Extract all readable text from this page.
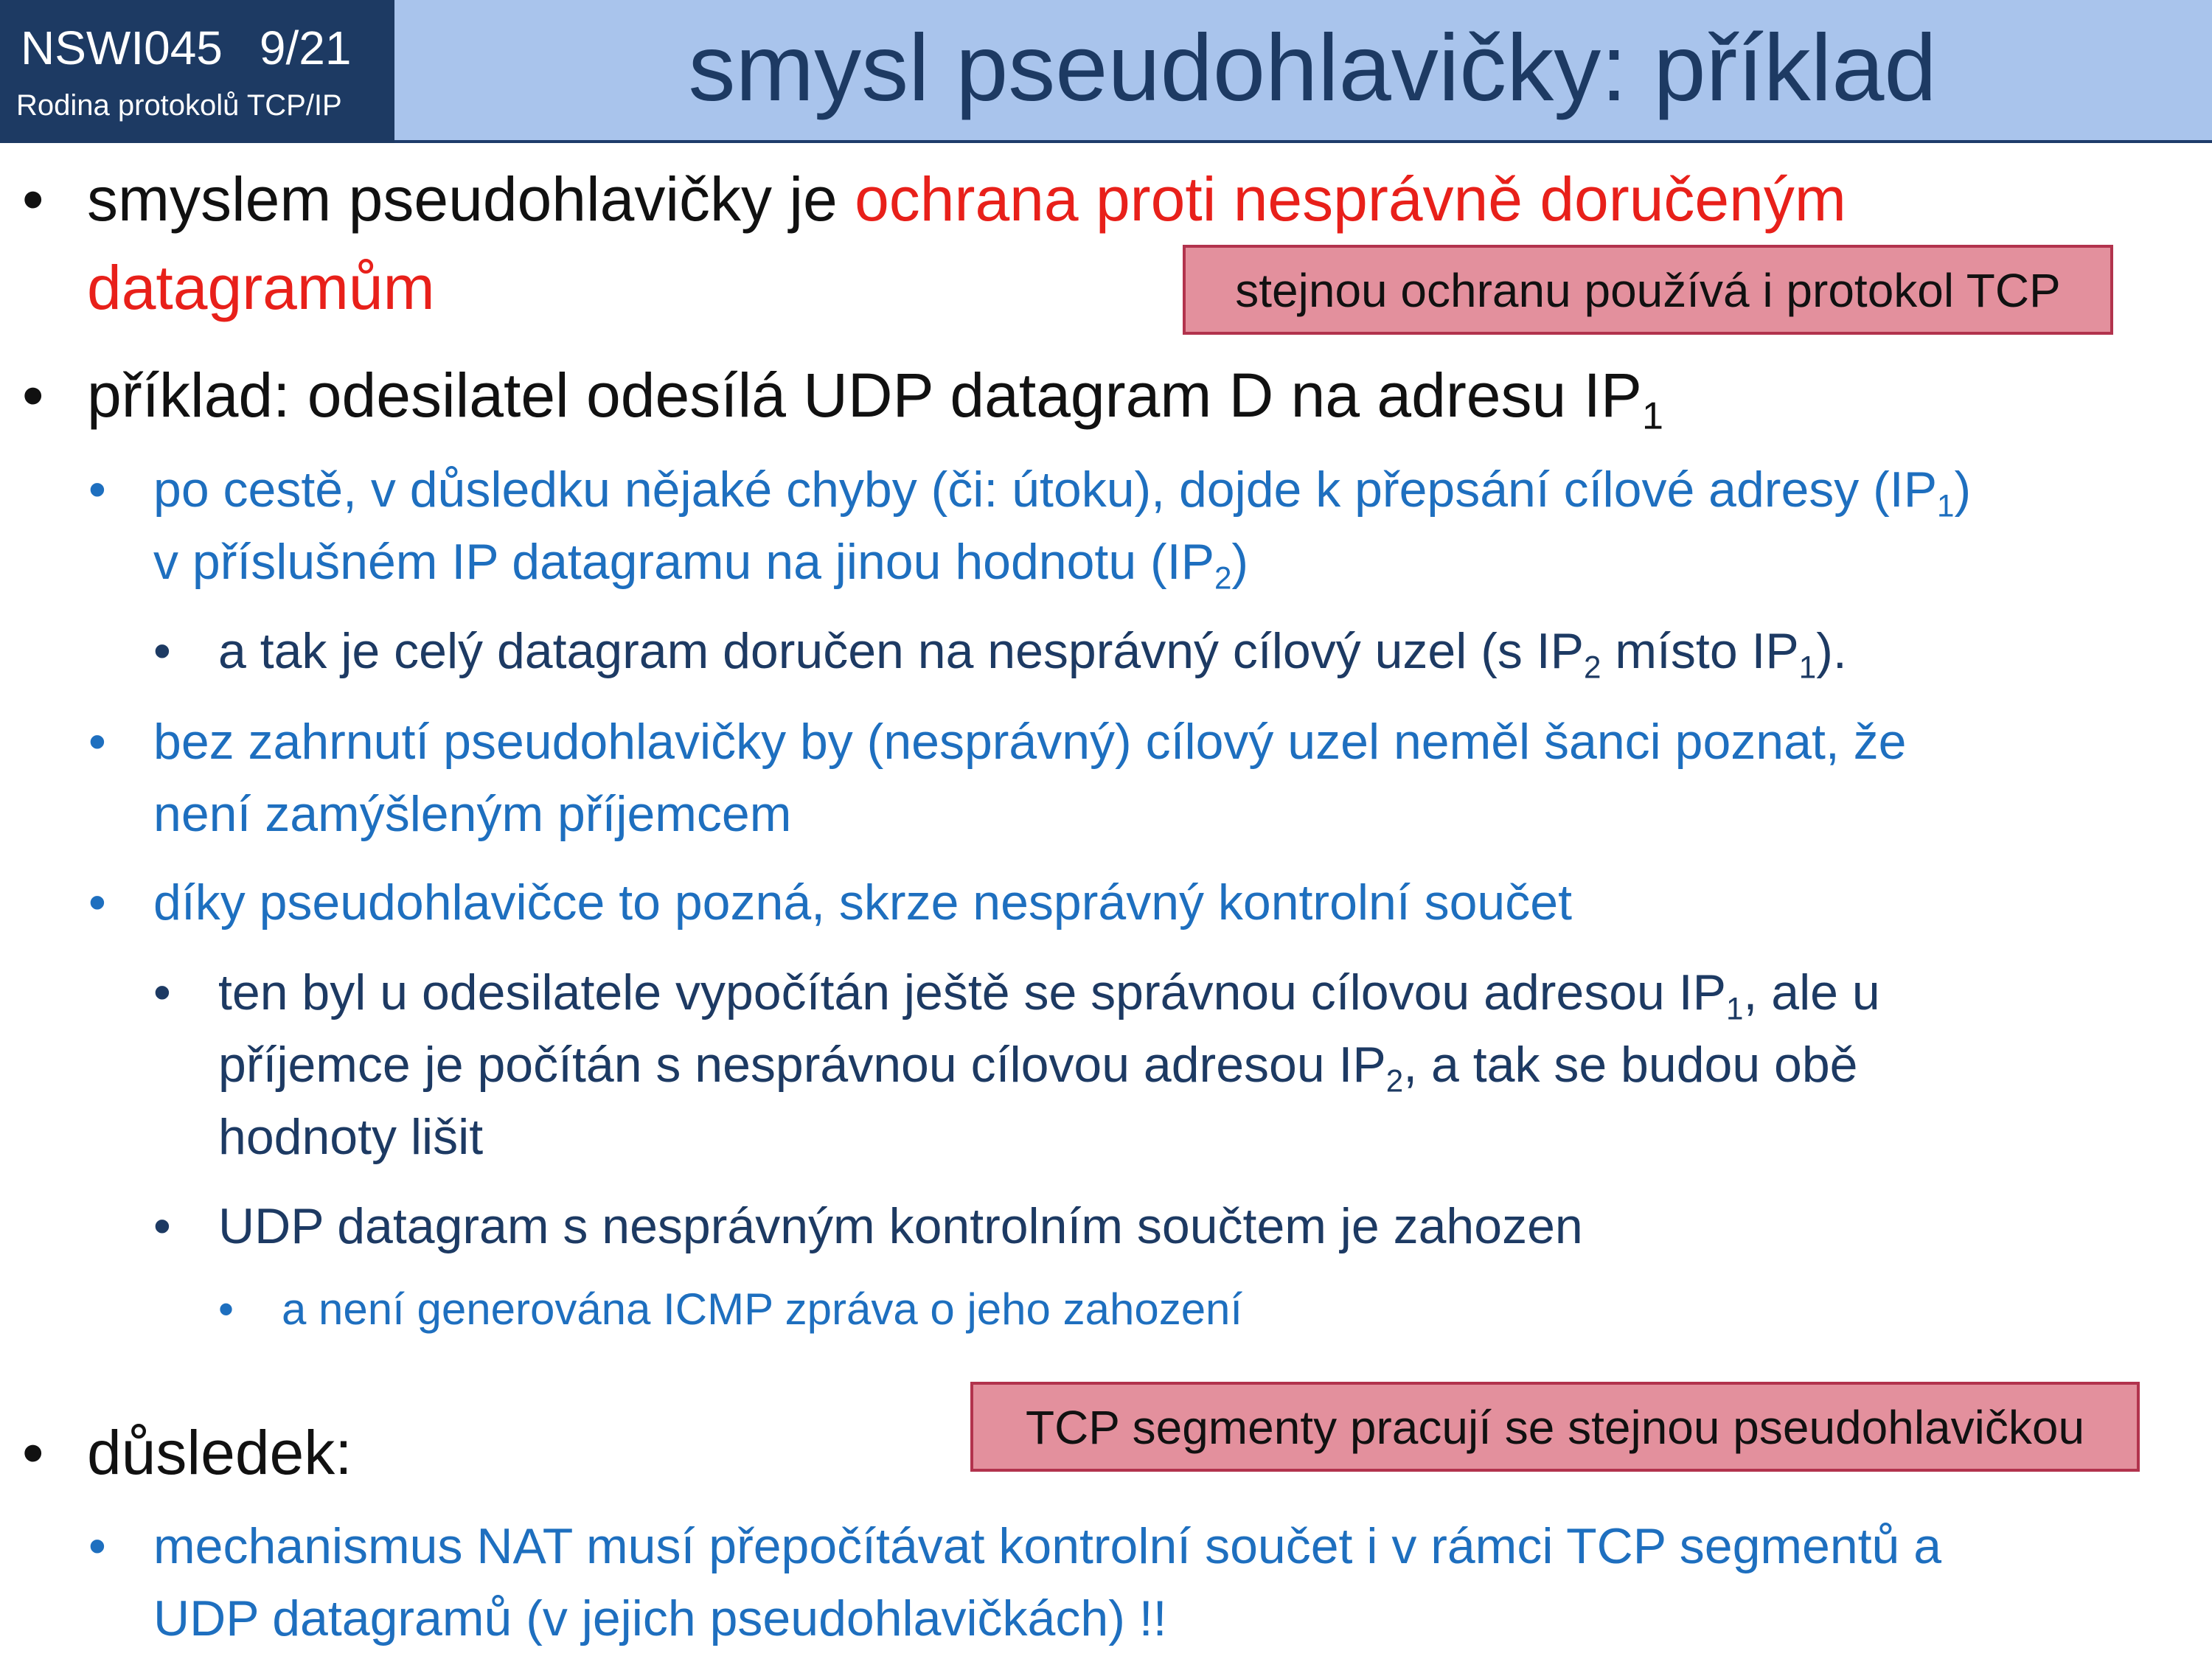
NSWI045 9/21
Rodina protokolů TCP/IP	smysl pseudohlavičky: příklad
• smyslem pseudohlavičky je ochrana proti nesprávně doručeným
datagramům	stejnou ochranu používá i protokol TCP
• příklad: odesilatel odesílá UDP datagram D na adresu $IP_1$
• po cestě, v důsledku nějaké chyby (či: útoku), dojde k přepsání cílové adresy $(IP_1)$
v příslušném IP datagramu na jinou hodnotu $(IP_2)$
• a tak je celý datagram doručen na nesprávný cílový uzel (s $IP_2$ místo $IP_1$).
• bez zahrnutí pseudohlavičky by (nesprávný) cílový uzel neměl šanci poznat, že
není zamýšleným příjemcem
• díky pseudohlavičce to pozná, skrze nesprávný kontrolní součet
• ten byl u odesilatele vypočítán ještě se správnou cílovou adresou $IP_1$, ale u
příjemce je počítán s nesprávnou cílovou adresou $IP_2$, a tak se budou obě
hodnoty lišit
• UDP datagram s nesprávným kontrolním součtem je zahozen
• a není generována ICMP zpráva o jeho zahození
TCP segmenty pracují se stejnou pseudohlavičkou
• důsledek:
• mechanismus NAT musí přepočítávat kontrolní součet i v rámci TCP segmentů a
UDP datagramů (v jejich pseudohlavičkách) !!
